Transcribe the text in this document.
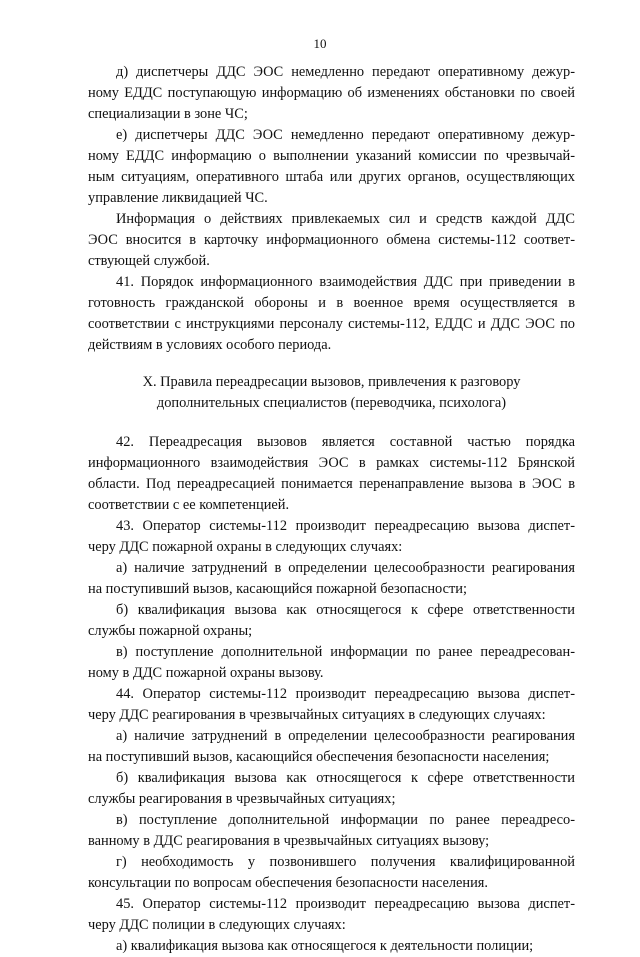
10
д) диспетчеры ДДС ЭОС немедленно передают оперативному дежур-
ному ЕДДС поступающую информацию об изменениях обстановки по своей
специализации в зоне ЧС;
е) диспетчеры ДДС ЭОС немедленно передают оперативному дежур-
ному ЕДДС информацию о выполнении указаний комиссии по чрезвычай-
ным ситуациям, оперативного штаба или других органов, осуществляющих
управление ликвидацией ЧС.
Информация о действиях привлекаемых сил и средств каждой ДДС
ЭОС вносится в карточку информационного обмена системы-112 соответ-
ствующей службой.
41. Порядок информационного взаимодействия ДДС при приведении в
готовность гражданской обороны и в военное время осуществляется в
соответствии с инструкциями персоналу системы-112, ЕДДС и ДДС ЭОС по
действиям в условиях особого периода.
X. Правила переадресации вызовов, привлечения к разговору
дополнительных специалистов (переводчика, психолога)
42. Переадресация вызовов является составной частью порядка
информационного взаимодействия ЭОС в рамках системы-112 Брянской
области. Под переадресацией понимается перенаправление вызова в ЭОС в
соответствии с ее компетенцией.
43. Оператор системы-112 производит переадресацию вызова диспет-
черу ДДС пожарной охраны в следующих случаях:
а) наличие затруднений в определении целесообразности реагирования
на поступивший вызов, касающийся пожарной безопасности;
б) квалификация вызова как относящегося к сфере ответственности
службы пожарной охраны;
в) поступление дополнительной информации по ранее переадресован-
ному в ДДС пожарной охраны вызову.
44. Оператор системы-112 производит переадресацию вызова диспет-
черу ДДС реагирования в чрезвычайных ситуациях в следующих случаях:
а) наличие затруднений в определении целесообразности реагирования
на поступивший вызов, касающийся обеспечения безопасности населения;
б) квалификация вызова как относящегося к сфере ответственности
службы реагирования в чрезвычайных ситуациях;
в) поступление дополнительной информации по ранее переадресо-
ванному в ДДС реагирования в чрезвычайных ситуациях вызову;
г) необходимость у позвонившего получения квалифицированной
консультации по вопросам обеспечения безопасности населения.
45. Оператор системы-112 производит переадресацию вызова диспет-
черу ДДС полиции в следующих случаях:
а) квалификация вызова как относящегося к деятельности полиции;
